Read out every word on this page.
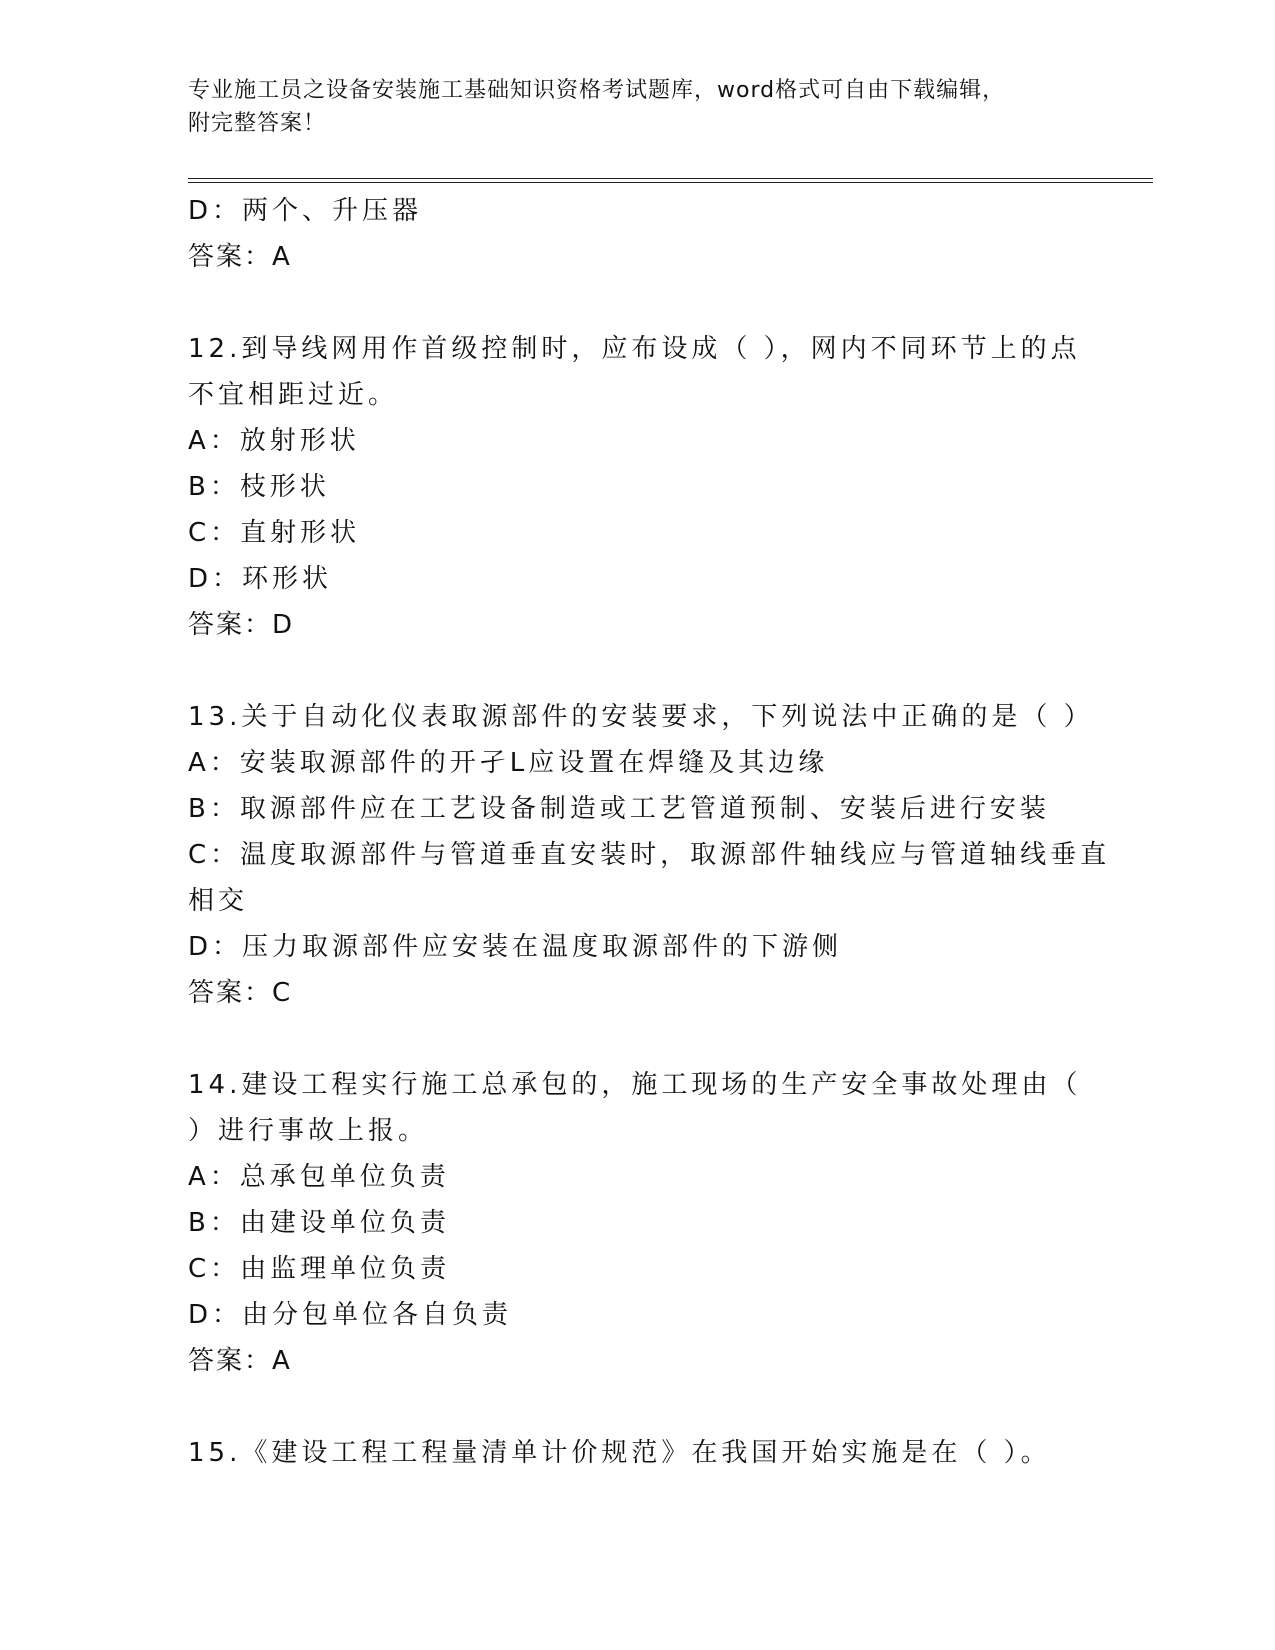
专业施工员之设备安装施工基础知识资格考试题库，word格式可自由下载编辑，
附完整答案！
D：两个、升压器
答案：A
12.到导线网用作首级控制时，应布设成（ ），网内不同环节上的点
不宜相距过近。
A：放射形状
B：枝形状
C：直射形状
D：环形状
答案：D
13.关于自动化仪表取源部件的安装要求，下列说法中正确的是（ ）
A：安装取源部件的开孑L应设置在焊缝及其边缘
B：取源部件应在工艺设备制造或工艺管道预制、安装后进行安装
C：温度取源部件与管道垂直安装时，取源部件轴线应与管道轴线垂直
相交
D：压力取源部件应安装在温度取源部件的下游侧
答案：C
14.建设工程实行施工总承包的，施工现场的生产安全事故处理由（
）进行事故上报。
A：总承包单位负责
B：由建设单位负责
C：由监理单位负责
D：由分包单位各自负责
答案：A
15.《建设工程工程量清单计价规范》在我国开始实施是在（ ）。
